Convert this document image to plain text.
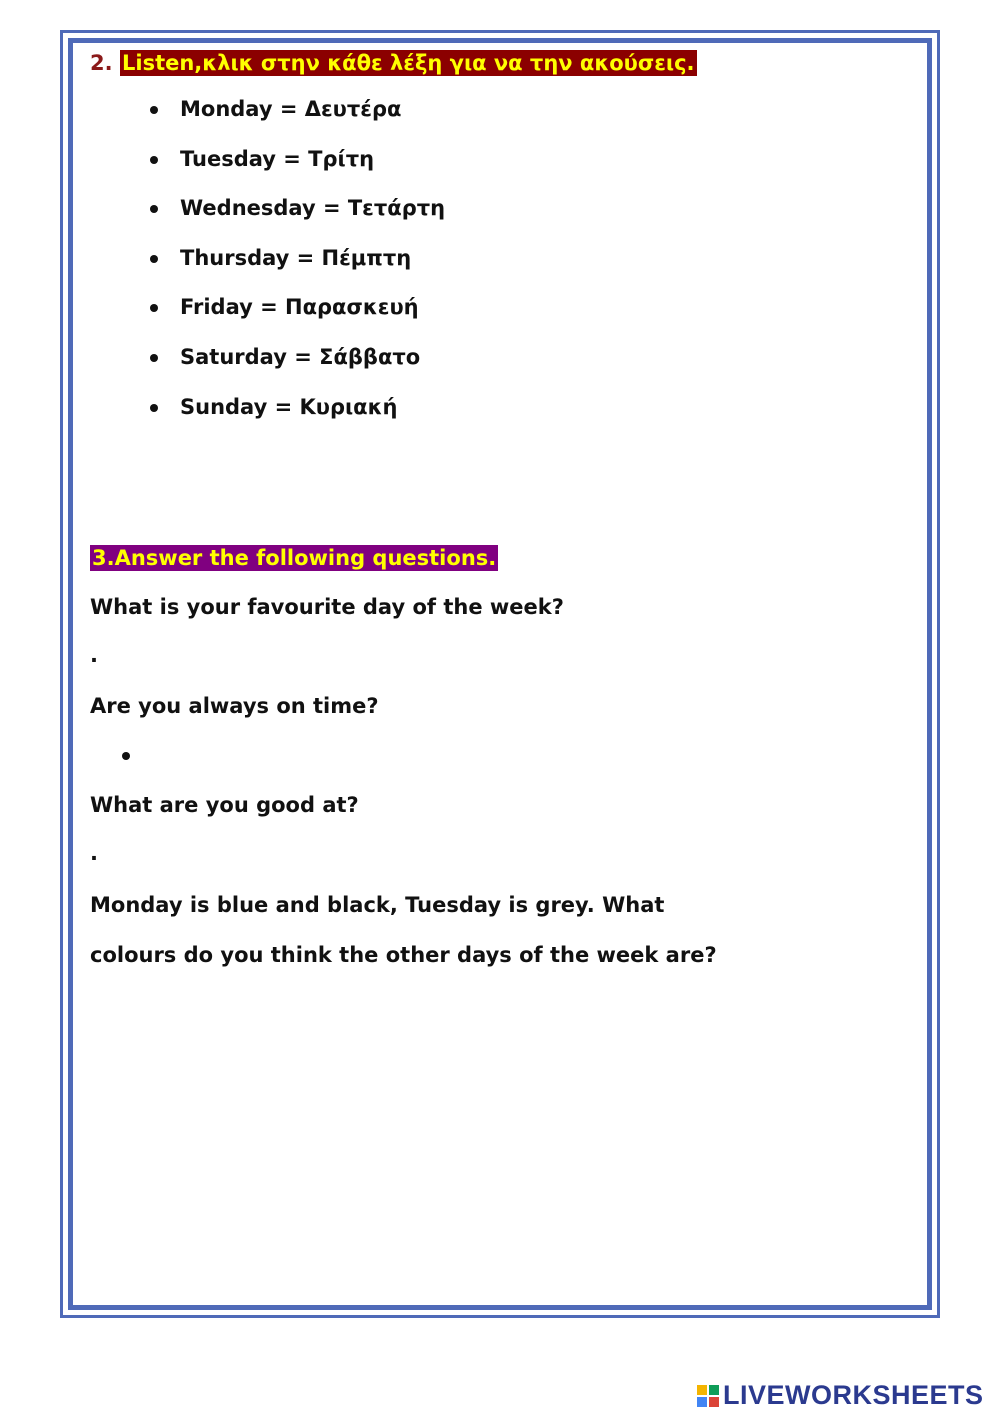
2. Listen,κλικ στην κάθε λέξη για να την ακούσεις.
Monday = Δευτέρα
Tuesday = Τρίτη
Wednesday = Τετάρτη
Thursday = Πέμπτη
Friday = Παρασκευή
Saturday = Σάββατο
Sunday = Κυριακή
3.Answer the following questions.
What is your favourite day of the week?
.
Are you always on time?
What are you good at?
.
Monday is blue and black, Tuesday is grey. What
colours do you think the other days of the week are?
LIVEWORKSHEETS
